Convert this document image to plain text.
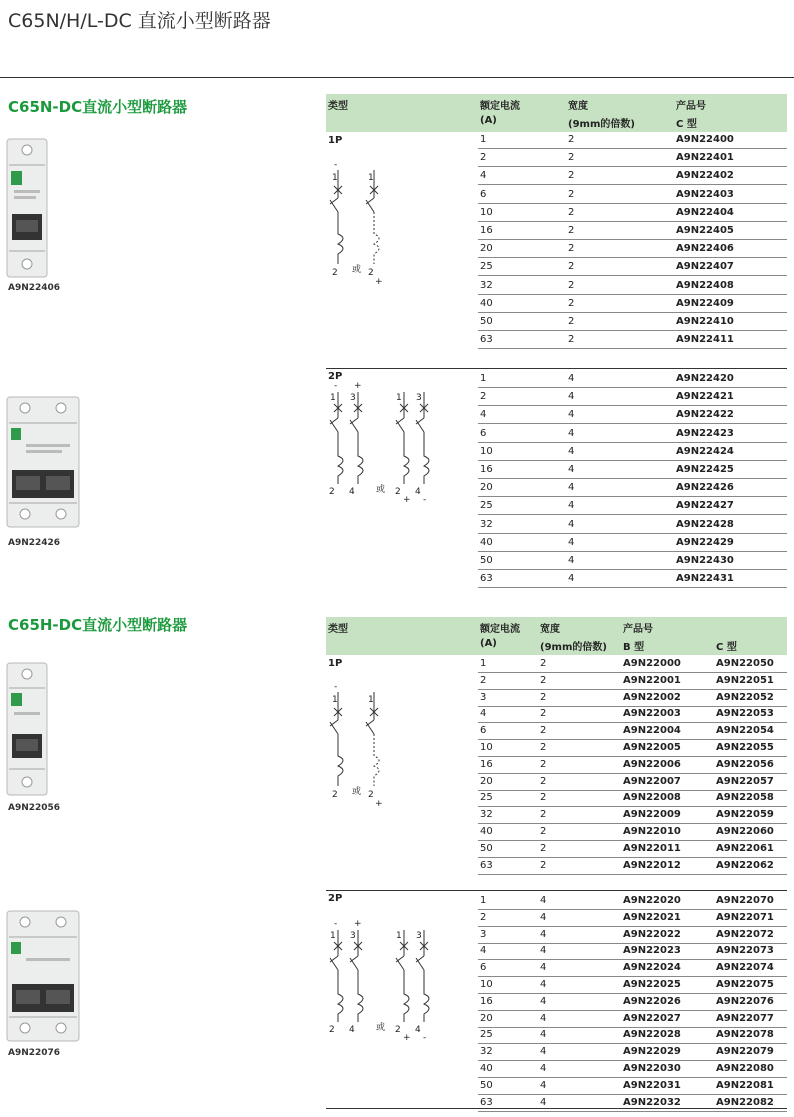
C65N/H/L-DC 直流小型断路器
C65N-DC直流小型断路器	类型	额定电流
(A)
宽度
(9mm的倍数)
产品号
C 型
A9N22406
1P
1
-
2 或
1
2
+
1	2	A9N22400
2	2	A9N22401
4	2	A9N22402
6	2	A9N22403
10	2	A9N22404
16	2	A9N22405
20	2	A9N22406
25	2	A9N22407
32	2	A9N22408
40	2	A9N22409
50	2	A9N22410
63	2	A9N22411
A9N22426
2P
- +
1 3	1 3
2 4 或 2 4
+ -
1	4	A9N22420
2	4	A9N22421
4	4	A9N22422
6	4	A9N22423
10	4	A9N22424
16	4	A9N22425
20	4	A9N22426
25	4	A9N22427
32	4	A9N22428
40	4	A9N22429
50	4	A9N22430
63	4	A9N22431
C65H-DC直流小型断路器	类型	额定电流
(A)
宽度
(9mm的倍数)
产品号
B 型	C 型
A9N22056
1P
-
1	1
2 或 2
+
1	2	A9N22000	A9N22050
2	2	A9N22001	A9N22051
3	2	A9N22002	A9N22052
4	2	A9N22003	A9N22053
6	2	A9N22004	A9N22054
10	2	A9N22005	A9N22055
16	2	A9N22006	A9N22056
20	2	A9N22007	A9N22057
25	2	A9N22008	A9N22058
32	2	A9N22009	A9N22059
40	2	A9N22010	A9N22060
50	2	A9N22011	A9N22061
63	2	A9N22012	A9N22062
A9N22076
2P
- +
1 3	1 3
2 4 或 2 4
+ -
1	4	A9N22020	A9N22070
2	4	A9N22021	A9N22071
3	4	A9N22022	A9N22072
4	4	A9N22023	A9N22073
6	4	A9N22024	A9N22074
10	4	A9N22025	A9N22075
16	4	A9N22026	A9N22076
20	4	A9N22027	A9N22077
25	4	A9N22028	A9N22078
32	4	A9N22029	A9N22079
40	4	A9N22030	A9N22080
50	4	A9N22031	A9N22081
63	4	A9N22032	A9N22082
